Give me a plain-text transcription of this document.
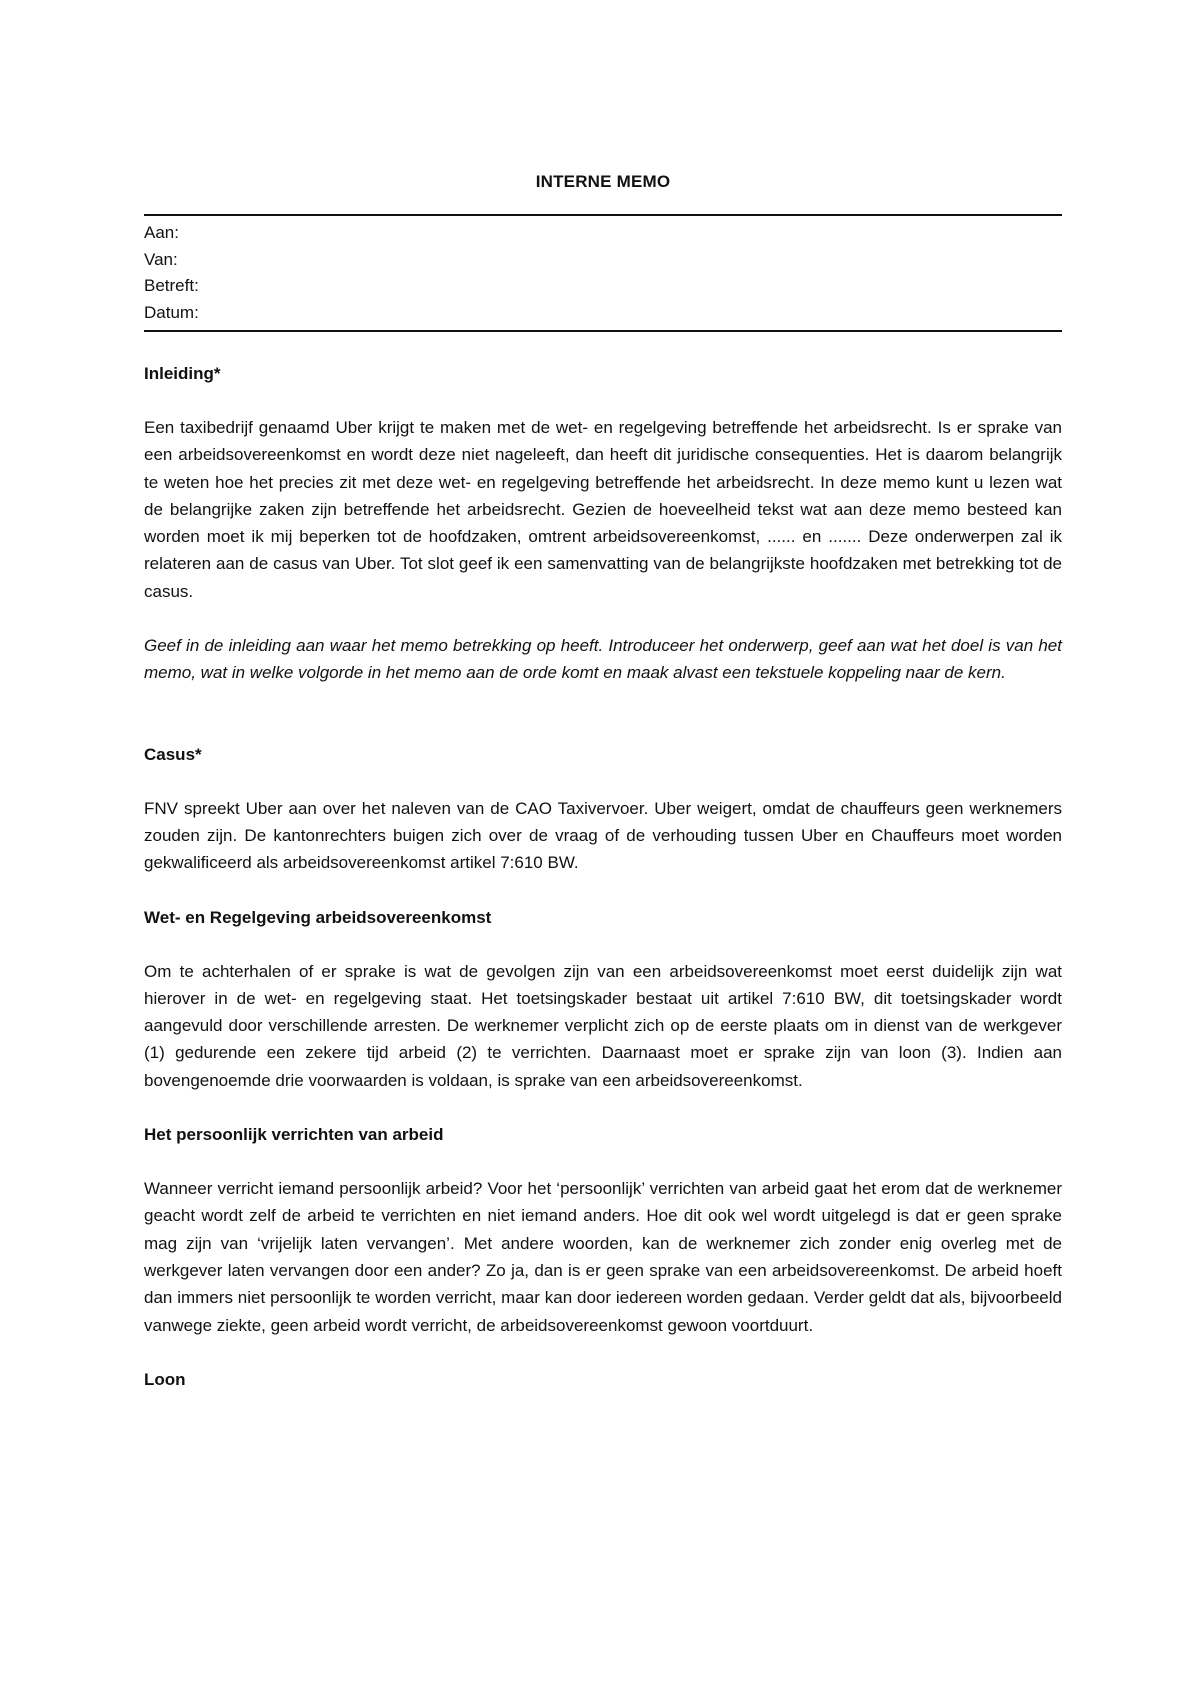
INTERNE MEMO
Aan:
Van:
Betreft:
Datum:
Inleiding*

Een taxibedrijf genaamd Uber krijgt te maken met de wet- en regelgeving betreffende het arbeidsrecht. Is er sprake van een arbeidsovereenkomst en wordt deze niet nageleeft, dan heeft dit juridische consequenties. Het is daarom belangrijk te weten hoe het precies zit met deze wet- en regelgeving betreffende het arbeidsrecht. In deze memo kunt u lezen wat de belangrijke zaken zijn betreffende het arbeidsrecht. Gezien de hoeveelheid tekst wat aan deze memo besteed kan worden moet ik mij beperken tot de hoofdzaken, omtrent arbeidsovereenkomst, ...... en ....... Deze onderwerpen zal ik relateren aan de casus van Uber. Tot slot geef ik een samenvatting van de belangrijkste hoofdzaken met betrekking tot de casus.

Geef in de inleiding aan waar het memo betrekking op heeft. Introduceer het onderwerp, geef aan wat het doel is van het memo, wat in welke volgorde in het memo aan de orde komt en maak alvast een tekstuele koppeling naar de kern.

Casus*

FNV spreekt Uber aan over het naleven van de CAO Taxivervoer. Uber weigert, omdat de chauffeurs geen werknemers zouden zijn. De kantonrechters buigen zich over de vraag of de verhouding tussen Uber en Chauffeurs moet worden gekwalificeerd als arbeidsovereenkomst artikel 7:610 BW.

Wet- en Regelgeving arbeidsovereenkomst

Om te achterhalen of er sprake is wat de gevolgen zijn van een arbeidsovereenkomst moet eerst duidelijk zijn wat hierover in de wet- en regelgeving staat. Het toetsingskader bestaat uit artikel 7:610 BW, dit toetsingskader wordt aangevuld door verschillende arresten. De werknemer verplicht zich op de eerste plaats om in dienst van de werkgever (1) gedurende een zekere tijd arbeid (2) te verrichten. Daarnaast moet er sprake zijn van loon (3). Indien aan bovengenoemde drie voorwaarden is voldaan, is sprake van een arbeidsovereenkomst.

Het persoonlijk verrichten van arbeid

Wanneer verricht iemand persoonlijk arbeid? Voor het ‘persoonlijk’ verrichten van arbeid gaat het erom dat de werknemer geacht wordt zelf de arbeid te verrichten en niet iemand anders. Hoe dit ook wel wordt uitgelegd is dat er geen sprake mag zijn van ‘vrijelijk laten vervangen’. Met andere woorden, kan de werknemer zich zonder enig overleg met de werkgever laten vervangen door een ander? Zo ja, dan is er geen sprake van een arbeidsovereenkomst. De arbeid hoeft dan immers niet persoonlijk te worden verricht, maar kan door iedereen worden gedaan. Verder geldt dat als, bijvoorbeeld vanwege ziekte, geen arbeid wordt verricht, de arbeidsovereenkomst gewoon voortduurt.

Loon
